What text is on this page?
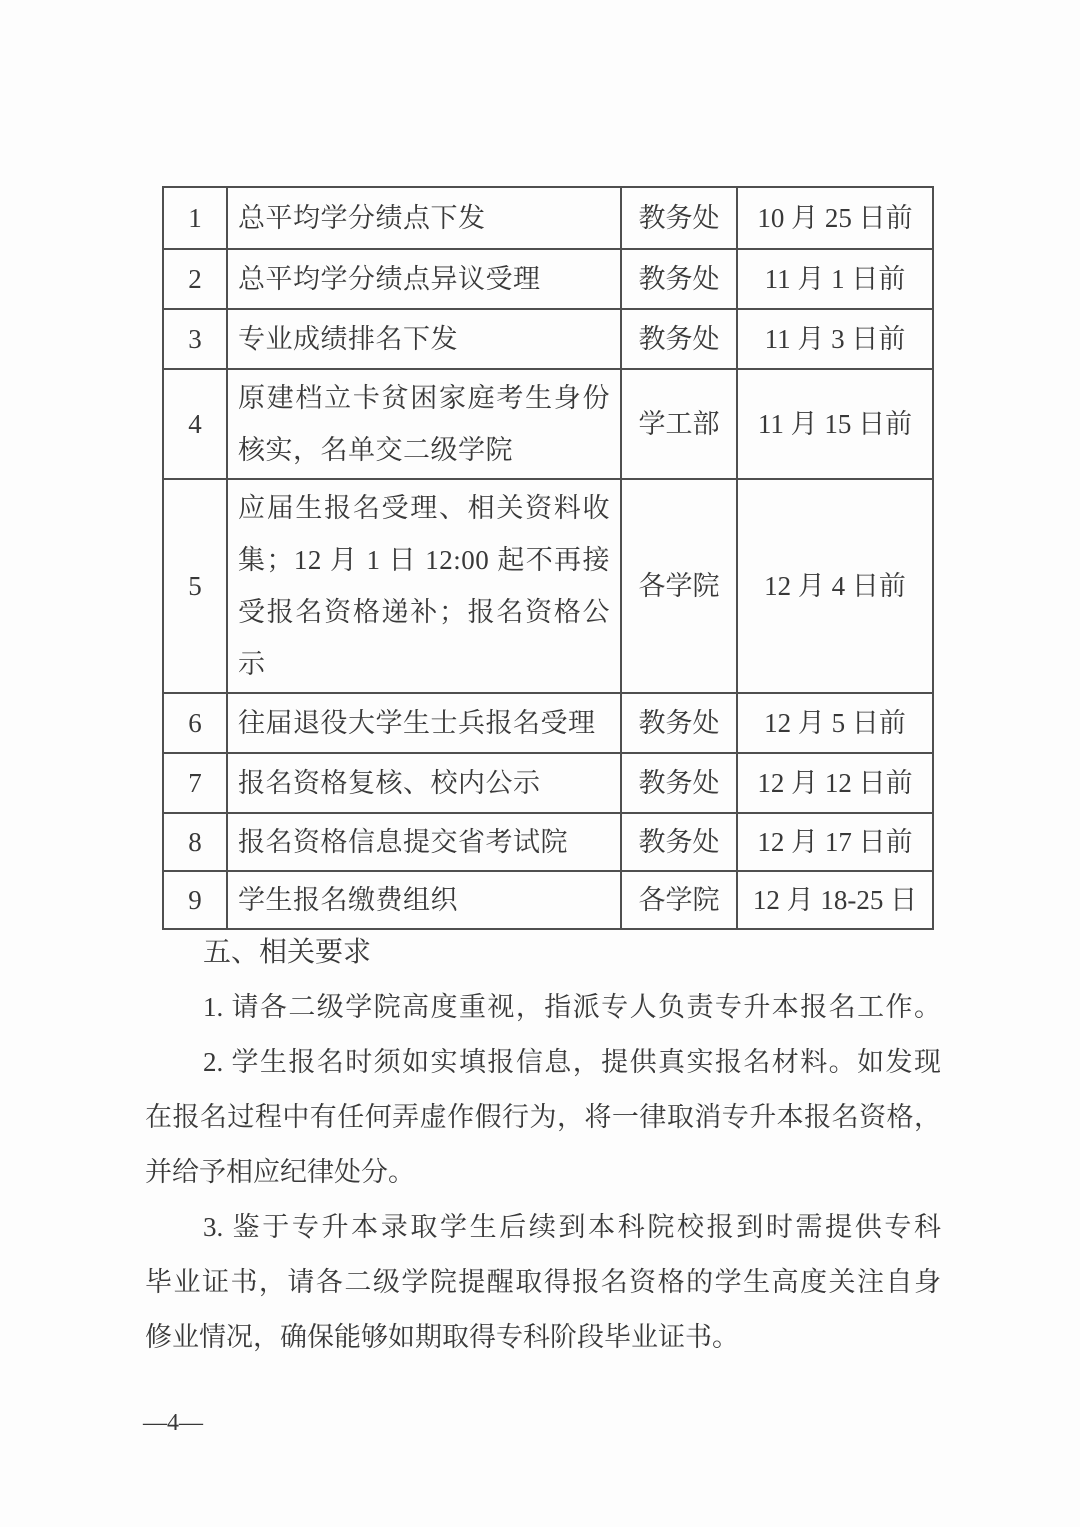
1	总平均学分绩点下发	教务处	10 月 25 日前
2	总平均学分绩点异议受理	教务处	11 月 1 日前
3	专业成绩排名下发	教务处	11 月 3 日前
4	原建档立卡贫困家庭考生身份核实，名单交二级学院	学工部	11 月 15 日前
5	应届生报名受理、相关资料收集；12 月 1 日 12:00 起不再接受报名资格递补；报名资格公示	各学院	12 月 4 日前
6	往届退役大学生士兵报名受理	教务处	12 月 5 日前
7	报名资格复核、校内公示	教务处	12 月 12 日前
8	报名资格信息提交省考试院	教务处	12 月 17 日前
9	学生报名缴费组织	各学院	12 月 18-25 日
五、相关要求
1. 请各二级学院高度重视，指派专人负责专升本报名工作。
2. 学生报名时须如实填报信息，提供真实报名材料。如发现
在报名过程中有任何弄虚作假行为，将一律取消专升本报名资格，
并给予相应纪律处分。
3. 鉴于专升本录取学生后续到本科院校报到时需提供专科
毕业证书，请各二级学院提醒取得报名资格的学生高度关注自身
修业情况，确保能够如期取得专科阶段毕业证书。
—4—
